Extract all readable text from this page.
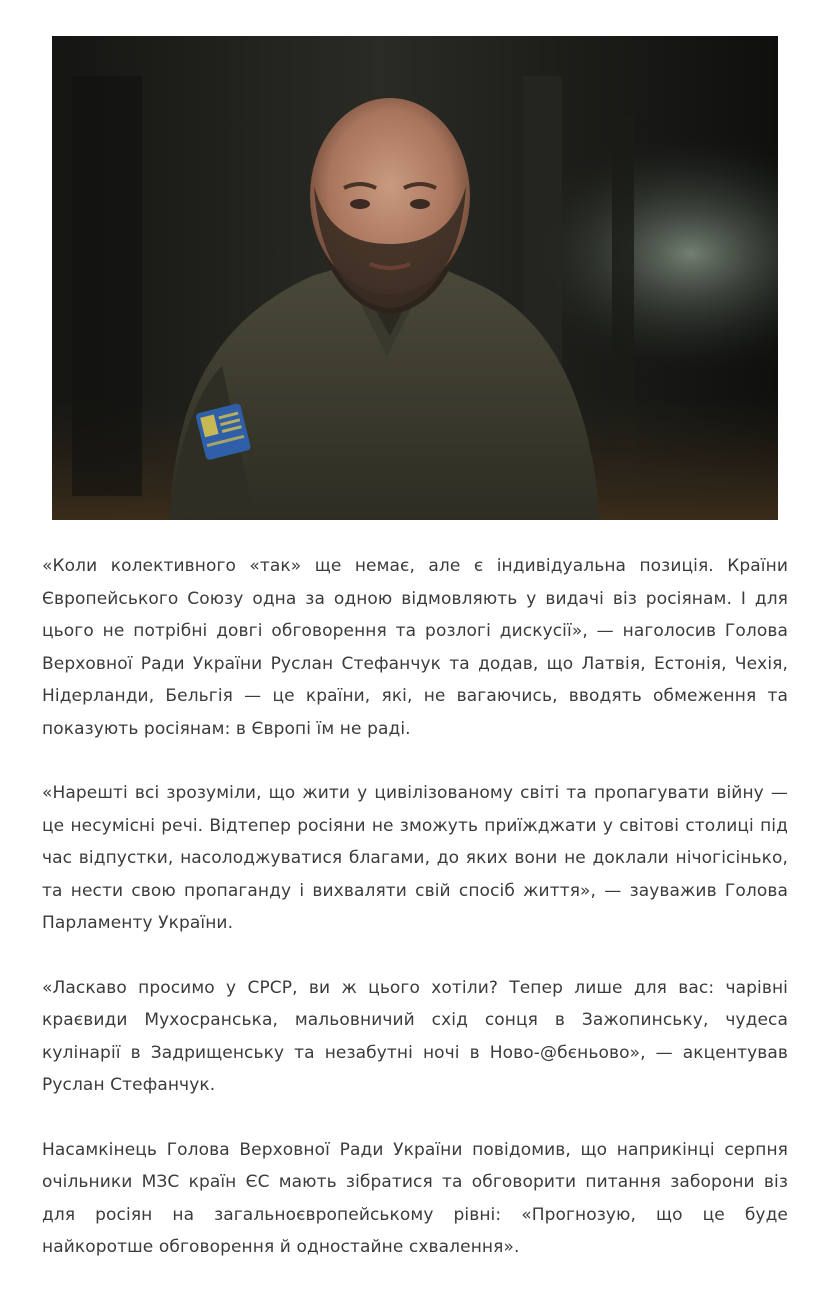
«Коли колективного «так» ще немає, але є індивідуальна позиція. Країни Європейського Союзу одна за одною відмовляють у видачі віз росіянам. І для цього не потрібні довгі обговорення та розлогі дискусії», — наголосив Голова Верховної Ради України Руслан Стефанчук та додав, що Латвія, Естонія, Чехія, Нідерланди, Бельгія — це країни, які, не вагаючись, вводять обмеження та показують росіянам: в Європі їм не раді.

«Нарешті всі зрозуміли, що жити у цивілізованому світі та пропагувати війну — це несумісні речі. Відтепер росіяни не зможуть приїжджати у світові столиці під час відпустки, насолоджуватися благами, до яких вони не доклали нічогісінько, та нести свою пропаганду і вихваляти свій спосіб життя», — зауважив Голова Парламенту України.

«Ласкаво просимо у СРСР, ви ж цього хотіли? Тепер лише для вас: чарівні краєвиди Мухосранська, мальовничий схід сонця в Зажопинську, чудеса кулінарії в Задрищенську та незабутні ночі в Ново-@бєньово», — акцентував Руслан Стефанчук.

Насамкінець Голова Верховної Ради України повідомив, що наприкінці серпня очільники МЗС країн ЄС мають зібратися та обговорити питання заборони віз для росіян на загальноєвропейському рівні: «Прогнозую, що це буде найкоротше обговорення й одностайне схвалення».
